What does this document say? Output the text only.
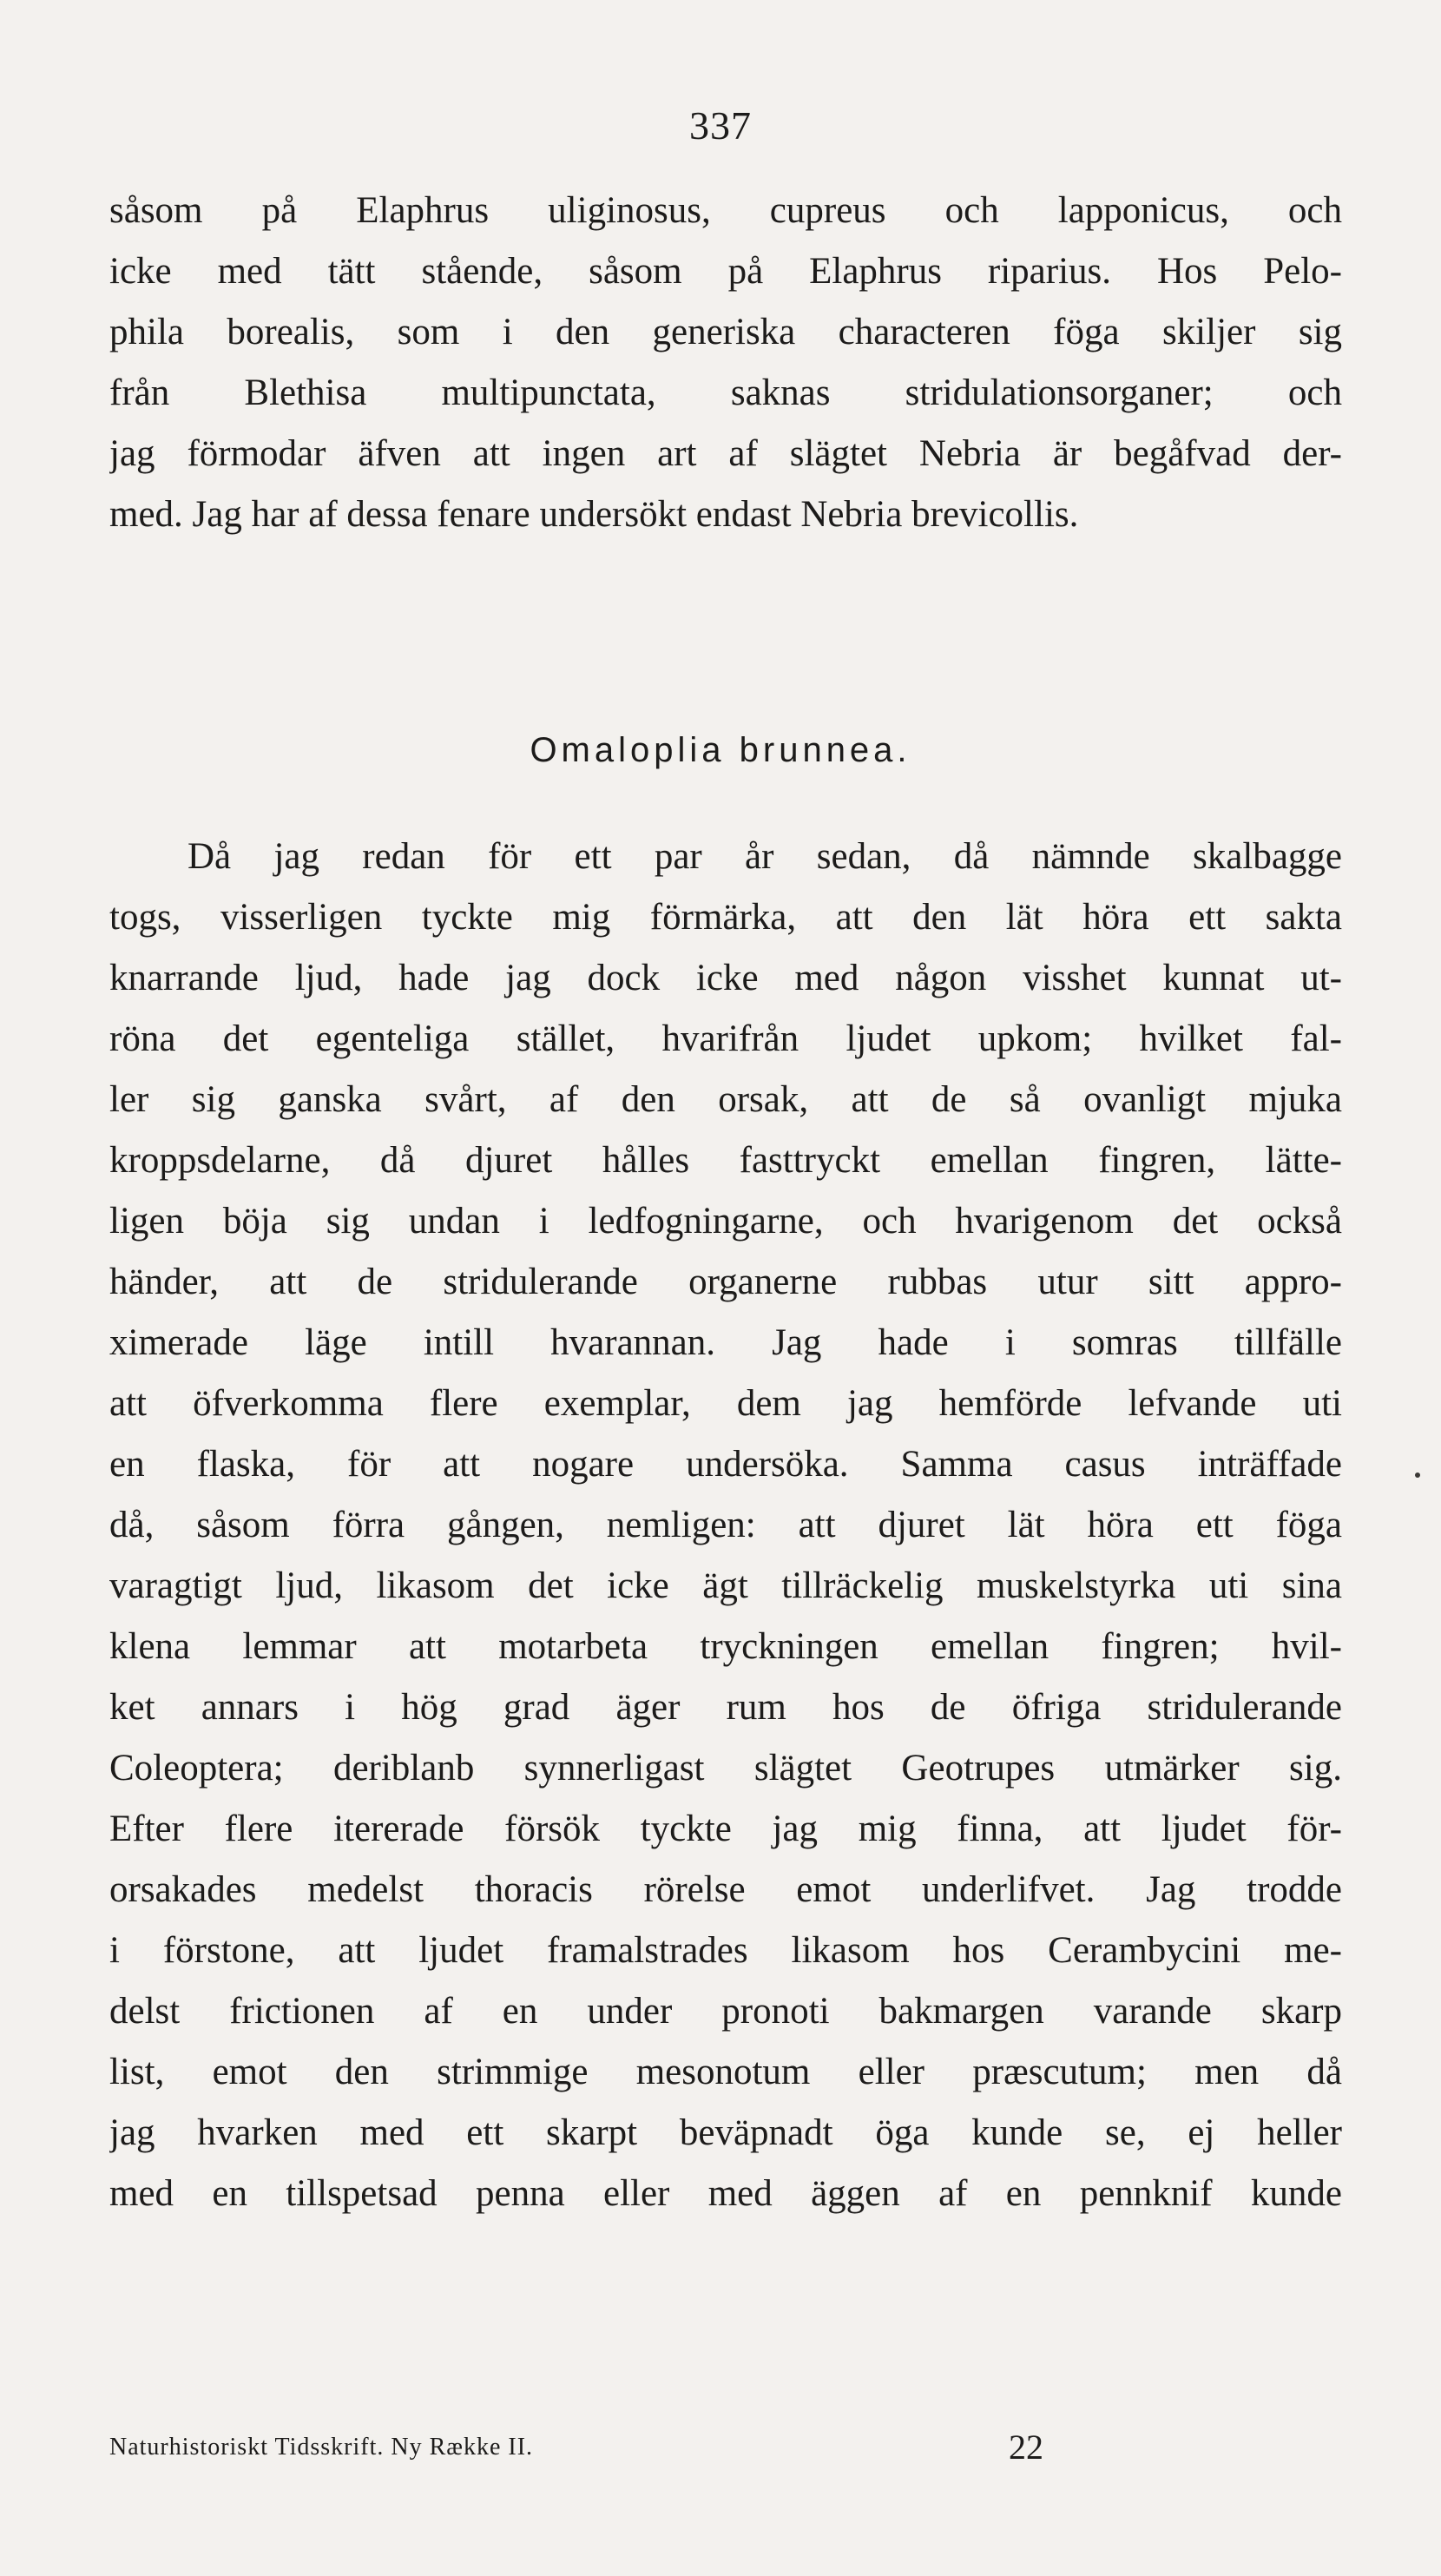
337
såsom på Elaphrus uliginosus, cupreus och lapponicus, och
icke med tätt stående, såsom på Elaphrus riparius. Hos Pelo-
phila borealis, som i den generiska characteren föga skiljer sig
från Blethisa multipunctata, saknas stridulationsorganer; och
jag förmodar äfven att ingen art af slägtet Nebria är begåfvad der-
med. Jag har af dessa fenare undersökt endast Nebria brevicollis.
Omaloplia brunnea.
Då jag redan för ett par år sedan, då nämnde skalbagge
togs, visserligen tyckte mig förmärka, att den lät höra ett sakta
knarrande ljud, hade jag dock icke med någon visshet kunnat ut-
röna det egenteliga stället, hvarifrån ljudet upkom; hvilket fal-
ler sig ganska svårt, af den orsak, att de så ovanligt mjuka
kroppsdelarne, då djuret hålles fasttryckt emellan fingren, lätte-
ligen böja sig undan i ledfogningarne, och hvarigenom det också
händer, att de stridulerande organerne rubbas utur sitt appro-
ximerade läge intill hvarannan. Jag hade i somras tillfälle
att öfverkomma flere exemplar, dem jag hemförde lefvande uti
en flaska, för att nogare undersöka. Samma casus inträffade
då, såsom förra gången, nemligen: att djuret lät höra ett föga
varagtigt ljud, likasom det icke ägt tillräckelig muskelstyrka uti sina
klena lemmar att motarbeta tryckningen emellan fingren; hvil-
ket annars i hög grad äger rum hos de öfriga stridulerande
Coleoptera; deriblanb synnerligast slägtet Geotrupes utmärker sig.
Efter flere itererade försök tyckte jag mig finna, att ljudet för-
orsakades medelst thoracis rörelse emot underlifvet. Jag trodde
i förstone, att ljudet framalstrades likasom hos Cerambycini me-
delst frictionen af en under pronoti bakmargen varande skarp
list, emot den strimmige mesonotum eller præscutum; men då
jag hvarken med ett skarpt beväpnadt öga kunde se, ej heller
med en tillspetsad penna eller med äggen af en pennknif kunde
Naturhistoriskt Tidsskrift. Ny Række II.	22
